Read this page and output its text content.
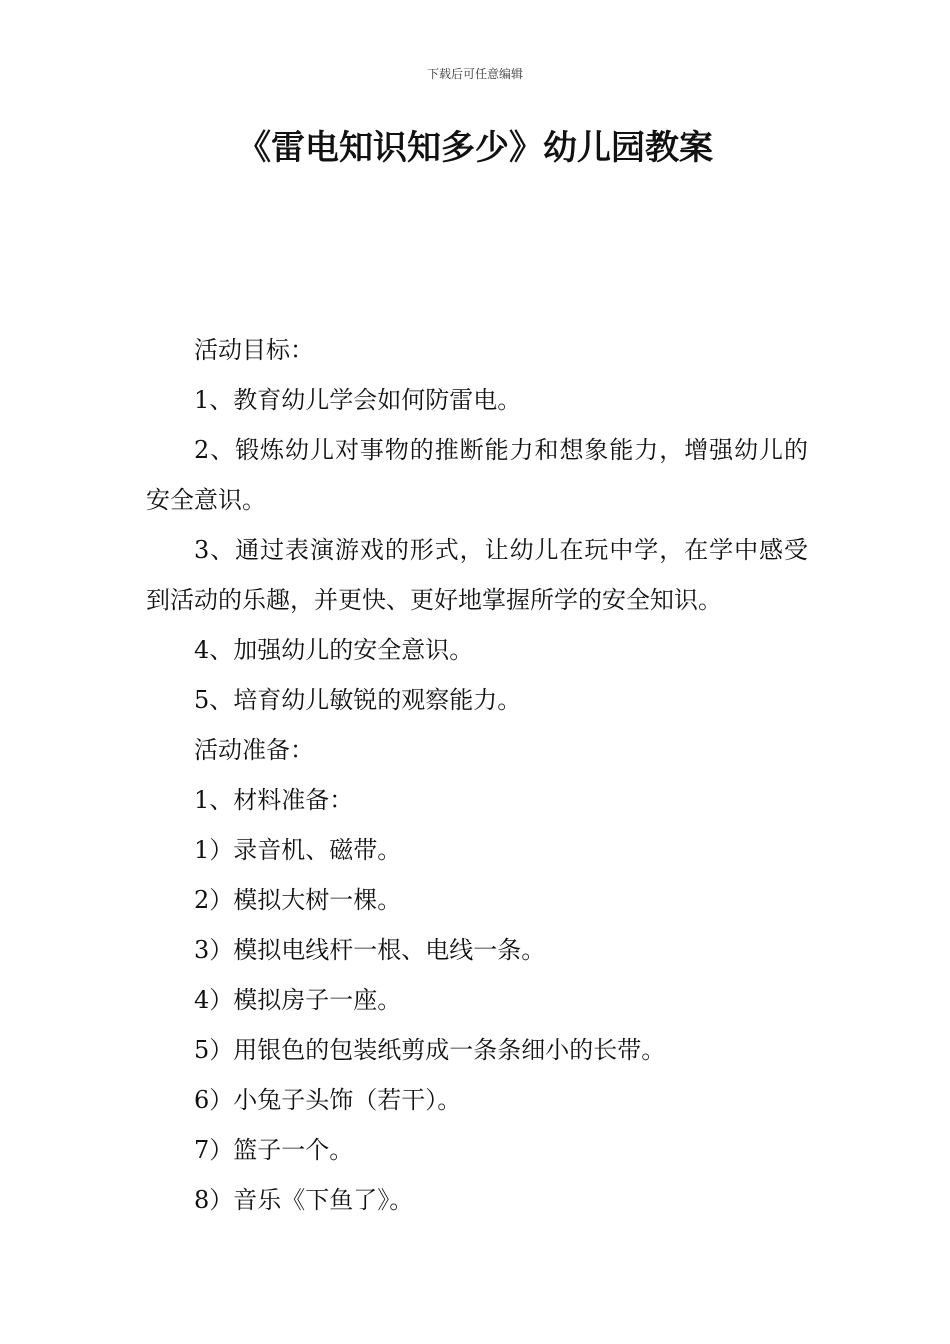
下载后可任意编辑
《雷电知识知多少》幼儿园教案

活动目标：

1、教育幼儿学会如何防雷电。

2、锻炼幼儿对事物的推断能力和想象能力，增强幼儿的安全意识。

3、通过表演游戏的形式，让幼儿在玩中学，在学中感受到活动的乐趣，并更快、更好地掌握所学的安全知识。

4、加强幼儿的安全意识。

5、培育幼儿敏锐的观察能力。

活动准备：

1、材料准备：

1）录音机、磁带。

2）模拟大树一棵。

3）模拟电线杆一根、电线一条。

4）模拟房子一座。

5）用银色的包装纸剪成一条条细小的长带。

6）小兔子头饰（若干）。

7）篮子一个。

8）音乐《下鱼了》。
